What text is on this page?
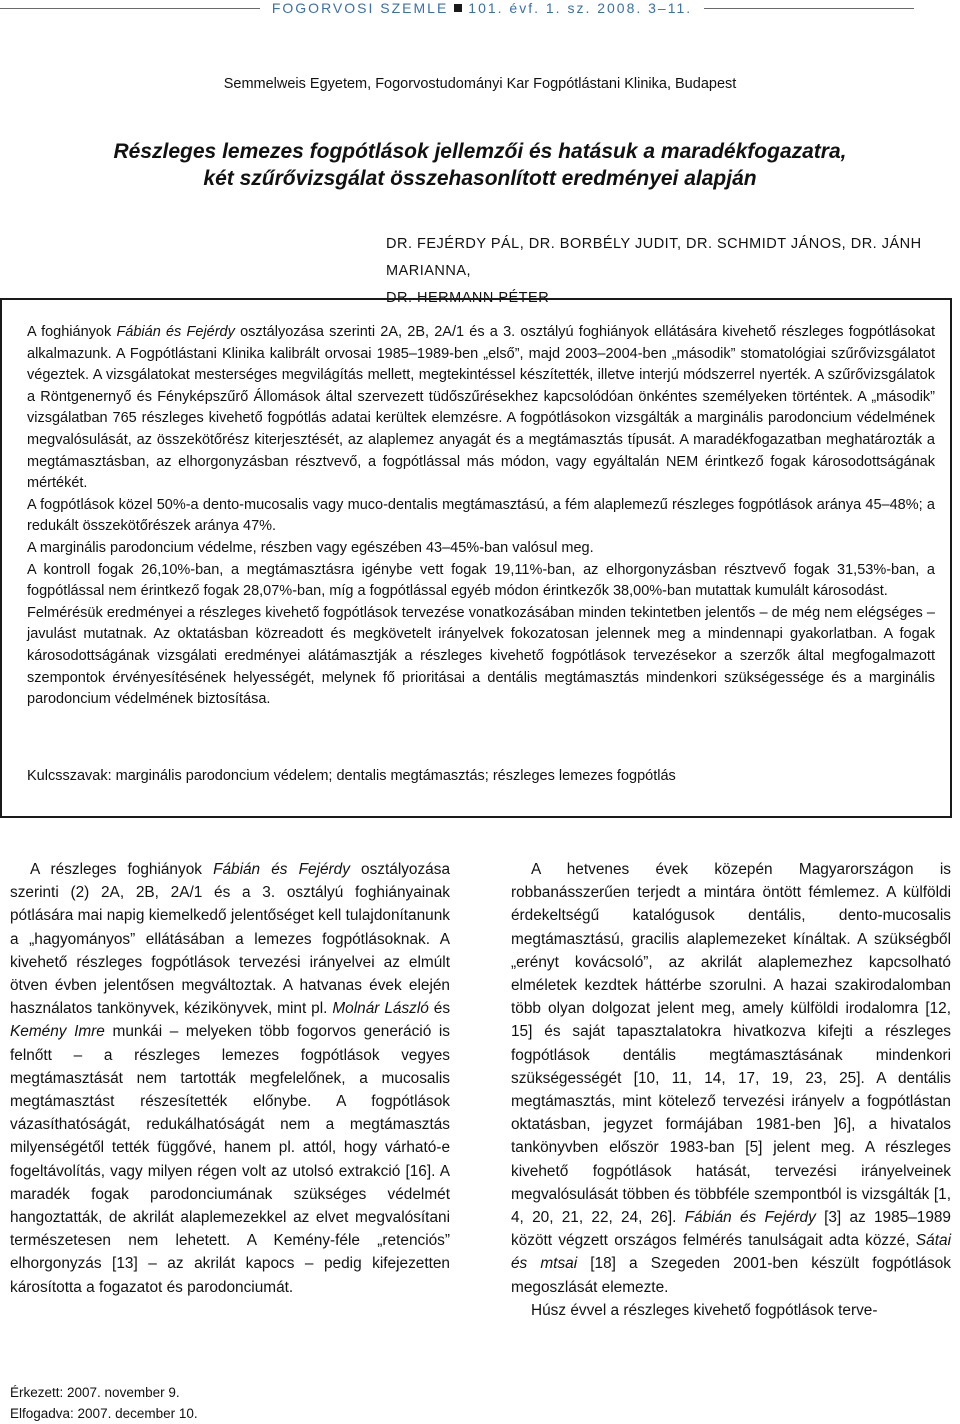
FOGORVOSI SZEMLE 101. évf. 1. sz. 2008. 3–11.
Semmelweis Egyetem, Fogorvostudományi Kar Fogpótlástani Klinika, Budapest
Részleges lemezes fogpótlások jellemzői és hatásuk a maradékfogazatra,
két szűrővizsgálat összehasonlított eredményei alapján
DR. FEJÉRDY PÁL, DR. BORBÉLY JUDIT, DR. SCHMIDT JÁNOS, DR. JÁNH MARIANNA,
DR. HERMANN PÉTER

A foghiányok Fábián és Fejérdy osztályozása szerinti 2A, 2B, 2A/1 és a 3. osztályú foghiányok ellátására kivehető részleges fogpótlásokat alkalmazunk. A Fogpótlástani Klinika kalibrált orvosai 1985–1989-ben „első”, majd 2003–2004-ben „második” stomatológiai szűrővizsgálatot végeztek. A vizsgálatokat mesterséges megvilágítás mellett, megtekintéssel készítették, illetve interjú módszerrel nyerték. A szűrővizsgálatok a Röntgenernyő és Fényképszűrő Állomások által szervezett tüdőszűrésekhez kapcsolódóan önkéntes személyeken történtek. A „második” vizsgálatban 765 részleges kivehető fogpótlás adatai kerültek elemzésre. A fogpótlásokon vizsgálták a marginális parodoncium védelmének megvalósulását, az összekötőrész kiterjesztését, az alaplemez anyagát és a megtámasztás típusát. A maradékfogazatban meghatározták a megtámasztásban, az elhorgonyzásban résztvevő, a fogpótlással más módon, vagy egyáltalán NEM érintkező fogak károsodottságának mértékét.

A fogpótlások közel 50%-a dento-mucosalis vagy muco-dentalis megtámasztású, a fém alaplemezű részleges fogpótlások aránya 45–48%; a redukált összekötőrészek aránya 47%.

A marginális parodoncium védelme, részben vagy egészében 43–45%-ban valósul meg.

A kontroll fogak 26,10%-ban, a megtámasztásra igénybe vett fogak 19,11%-ban, az elhorgonyzásban résztvevő fogak 31,53%-ban, a fogpótlással nem érintkező fogak 28,07%-ban, míg a fogpótlással egyéb módon érintkezők 38,00%-ban mutattak kumulált károsodást.

Felmérésük eredményei a részleges kivehető fogpótlások tervezése vonatkozásában minden tekintetben jelentős – de még nem elégséges – javulást mutatnak. Az oktatásban közreadott és megkövetelt irányelvek fokozatosan jelennek meg a mindennapi gyakorlatban. A fogak károsodottságának vizsgálati eredményei alátámasztják a részleges kivehető fogpótlások tervezésekor a szerzők által megfogalmazott szempontok érvényesítésének helyességét, melynek fő prioritásai a dentális megtámasztás mindenkori szükségessége és a marginális parodoncium védelmének biztosítása.

Kulcsszavak: marginális parodoncium védelem; dentalis megtámasztás; részleges lemezes fogpótlás

A részleges foghiányok Fábián és Fejérdy osztályozása szerinti (2) 2A, 2B, 2A/1 és a 3. osztályú foghiányainak pótlására mai napig kiemelkedő jelentőséget kell tulajdonítanunk a „hagyományos” ellátásában a lemezes fogpótlásoknak. A kivehető részleges fogpótlások tervezési irányelvei az elmúlt ötven évben jelentősen megváltoztak. A hatvanas évek elején használatos tankönyvek, kézikönyvek, mint pl. Molnár László és Kemény Imre munkái – melyeken több fogorvos generáció is felnőtt – a részleges lemezes fogpótlások vegyes megtámasztását nem tartották megfelelőnek, a mucosalis megtámasztást részesítették előnybe. A fogpótlások vázasíthatóságát, redukálhatóságát nem a megtámasztás milyenségétől tették függővé, hanem pl. attól, hogy várható-e fogeltávolítás, vagy milyen régen volt az utolsó extrakció [16]. A maradék fogak parodonciumának szükséges védelmét hangoztatták, de akrilát alaplemezekkel az elvet megvalósítani természetesen nem lehetett. A Kemény-féle „retenciós” elhorgonyzás [13] – az akrilát kapocs – pedig kifejezetten károsította a fogazatot és parodonciumát.

A hetvenes évek közepén Magyarországon is robbanásszerűen terjedt a mintára öntött fémlemez. A külföldi érdekeltségű katalógusok dentális, dento-mucosalis megtámasztású, gracilis alaplemezeket kínáltak. A szükségből „erényt kovácsoló”, az akrilát alaplemezhez kapcsolható elméletek kezdtek háttérbe szorulni. A hazai szakirodalomban több olyan dolgozat jelent meg, amely külföldi irodalomra [12, 15] és saját tapasztalatokra hivatkozva kifejti a részleges fogpótlások dentális megtámasztásának mindenkori szükségességét [10, 11, 14, 17, 19, 23, 25]. A dentális megtámasztás, mint kötelező tervezési irányelv a fogpótlástan oktatásban, jegyzet formájában 1981-ben ]6], a hivatalos tankönyvben először 1983-ban [5] jelent meg. A részleges kivehető fogpótlások hatását, tervezési irányelveinek megvalósulását többen és többféle szempontból is vizsgálták [1, 4, 20, 21, 22, 24, 26]. Fábián és Fejérdy [3] az 1985–1989 között végzett országos felmérés tanulságait adta közzé, Sátai és mtsai [18] a Szegeden 2001-ben készült fogpótlások megoszlását elemezte.

Húsz évvel a részleges kivehető fogpótlások terve-

Érkezett: 2007. november 9.
Elfogadva: 2007. december 10.
